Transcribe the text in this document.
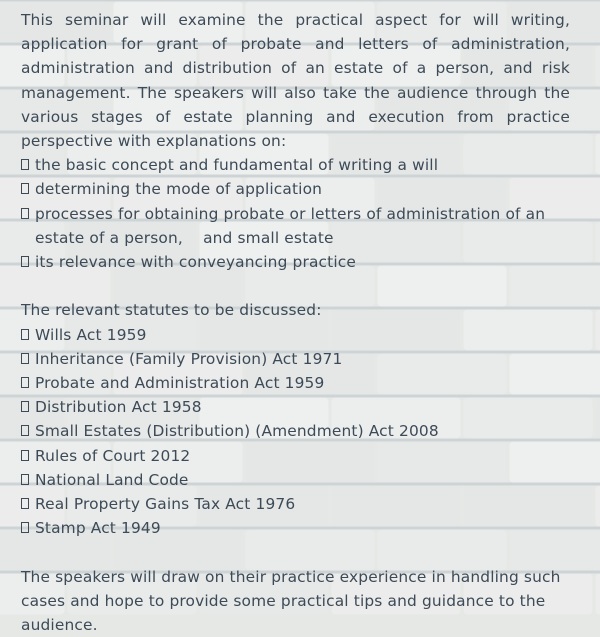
This seminar will examine the practical aspect for will writing, application for grant of probate and letters of administration, administration and distribution of an estate of a person, and risk management. The speakers will also take the audience through the various stages of estate planning and execution from practice perspective with explanations on:

the basic concept and fundamental of writing a will
determining the mode of application
processes for obtaining probate or letters of administration of an
estate of a person,    and small estate
its relevance with conveyancing practice

The relevant statutes to be discussed:

Wills Act 1959
Inheritance (Family Provision) Act 1971
Probate and Administration Act 1959
Distribution Act 1958
Small Estates (Distribution) (Amendment) Act 2008
Rules of Court 2012
National Land Code
Real Property Gains Tax Act 1976
Stamp Act 1949

The speakers will draw on their practice experience in handling such cases and hope to provide some practical tips and guidance to the audience.
